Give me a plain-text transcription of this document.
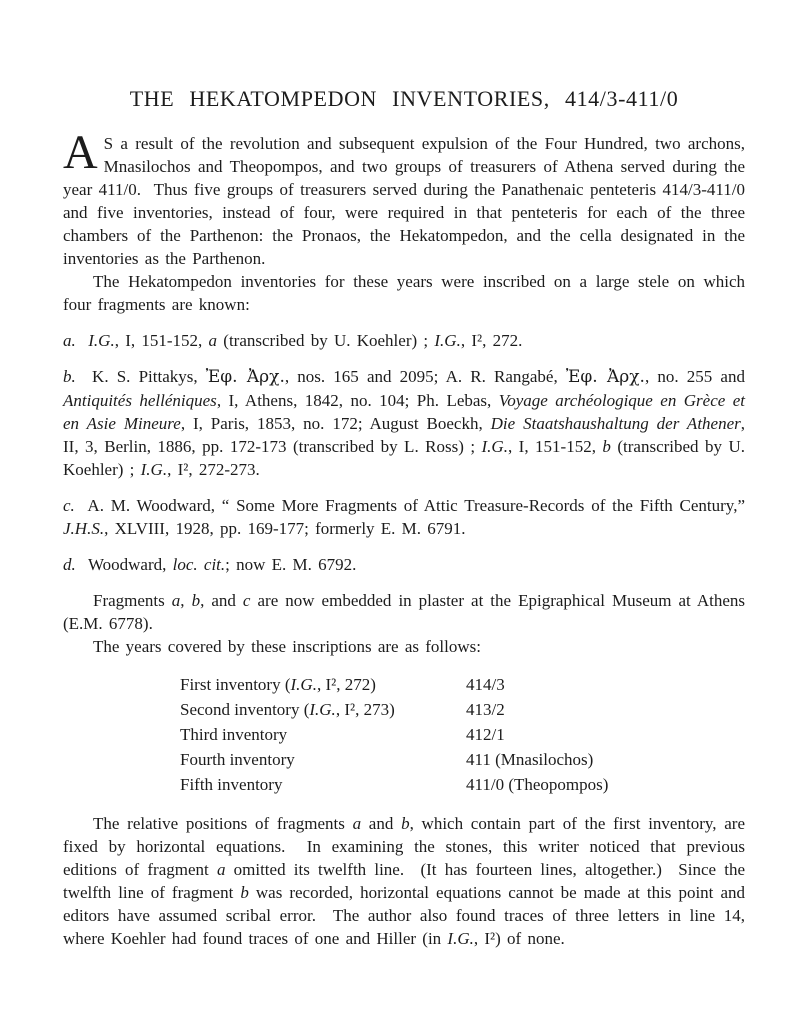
THE HEKATOMPEDON INVENTORIES, 414/3-411/0

A S a result of the revolution and subsequent expulsion of the Four Hundred, two archons, Mnasilochos and Theopompos, and two groups of treasurers of Athena served during the year 411/0.  Thus five groups of treasurers served during the Panathenaic penteteris 414/3-411/0 and five inventories, instead of four, were required in that penteteris for each of the three chambers of the Parthenon: the Pronaos, the Hekatompedon, and the cella designated in the inventories as the Parthenon.

The Hekatompedon inventories for these years were inscribed on a large stele on which four fragments are known:

a. I.G., I, 151-152, a (transcribed by U. Koehler) ; I.G., I², 272.

b.  K. S. Pittakys, Ἐφ. Ἀρχ., nos. 165 and 2095; A. R. Rangabé, Ἐφ. Ἀρχ., no. 255 and Antiquités helléniques, I, Athens, 1842, no. 104; Ph. Lebas, Voyage archéologique en Grèce et en Asie Mineure, I, Paris, 1853, no. 172; August Boeckh, Die Staatshaushaltung der Athener, II, 3, Berlin, 1886, pp. 172-173 (transcribed by L. Ross) ; I.G., I, 151-152, b (transcribed by U. Koehler) ; I.G., I², 272-273.

c.  A. M. Woodward, “ Some More Fragments of Attic Treasure-Records of the Fifth Century,” J.H.S., XLVIII, 1928, pp. 169-177; formerly E. M. 6791.

d.  Woodward, loc. cit.; now E. M. 6792.

Fragments a, b, and c are now embedded in plaster at the Epigraphical Museum at Athens (E.M. 6778).

The years covered by these inscriptions are as follows:

First inventory (I.G., I², 272)	414/3
Second inventory (I.G., I², 273)	413/2
Third inventory	412/1
Fourth inventory	411 (Mnasilochos)
Fifth inventory	411/0 (Theopompos)

The relative positions of fragments a and b, which contain part of the first inventory, are fixed by horizontal equations.  In examining the stones, this writer noticed that previous editions of fragment a omitted its twelfth line.  (It has fourteen lines, altogether.)  Since the twelfth line of fragment b was recorded, horizontal equations cannot be made at this point and editors have assumed scribal error.  The author also found traces of three letters in line 14, where Koehler had found traces of one and Hiller (in I.G., I²) of none.
